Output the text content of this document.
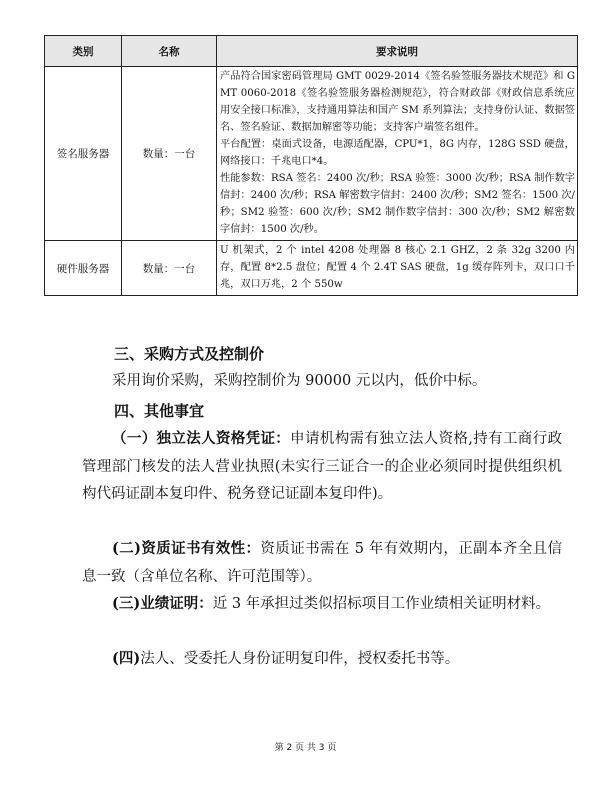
类别	名称	要求说明
签名服务器	数量：一台	产品符合国家密码管理局 GMT 0029-2014《签名验签服务器技术规范》和 GMT 0060-2018《签名验签服务器检测规范》，符合财政部《财政信息系统应用安全接口标准》，支持通用算法和国产 SM 系列算法；支持身份认证、数据签名、签名验证、数据加解密等功能；支持客户端签名组件。

平台配置：桌面式设备，电源适配器，CPU*1，8G 内存，128G SSD 硬盘，网络接口：千兆电口*4。

性能参数：RSA 签名：2400 次/秒；RSA 验签：3000 次/秒；RSA 制作数字信封：2400 次/秒；RSA 解密数字信封：2400 次/秒；SM2 签名：1500 次/秒；SM2 验签：600 次/秒；SM2 制作数字信封：300 次/秒；SM2 解密数字信封：1500 次/秒。

硬件服务器	数量：一台	U 机架式，2 个 intel 4208 处理器 8 核心 2.1 GHZ，2 条 32g 3200 内存，配置 8*2.5 盘位；配置 4 个 2.4T SAS 硬盘，1g 缓存阵列卡，双口口千兆，双口万兆，2 个 550w

三、采购方式及控制价
采用询价采购，采购控制价为 90000 元以内，低价中标。
四、其他事宜
（一）独立法人资格凭证：申请机构需有独立法人资格,持有工商行政管理部门核发的法人营业执照(未实行三证合一的企业必须同时提供组织机构代码证副本复印件、税务登记证副本复印件)。
(二)资质证书有效性：资质证书需在 5 年有效期内，正副本齐全且信息一致（含单位名称、许可范围等）。
(三)业绩证明：近 3 年承担过类似招标项目工作业绩相关证明材料。
(四)法人、受委托人身份证明复印件，授权委托书等。
第 2 页 共 3 页
